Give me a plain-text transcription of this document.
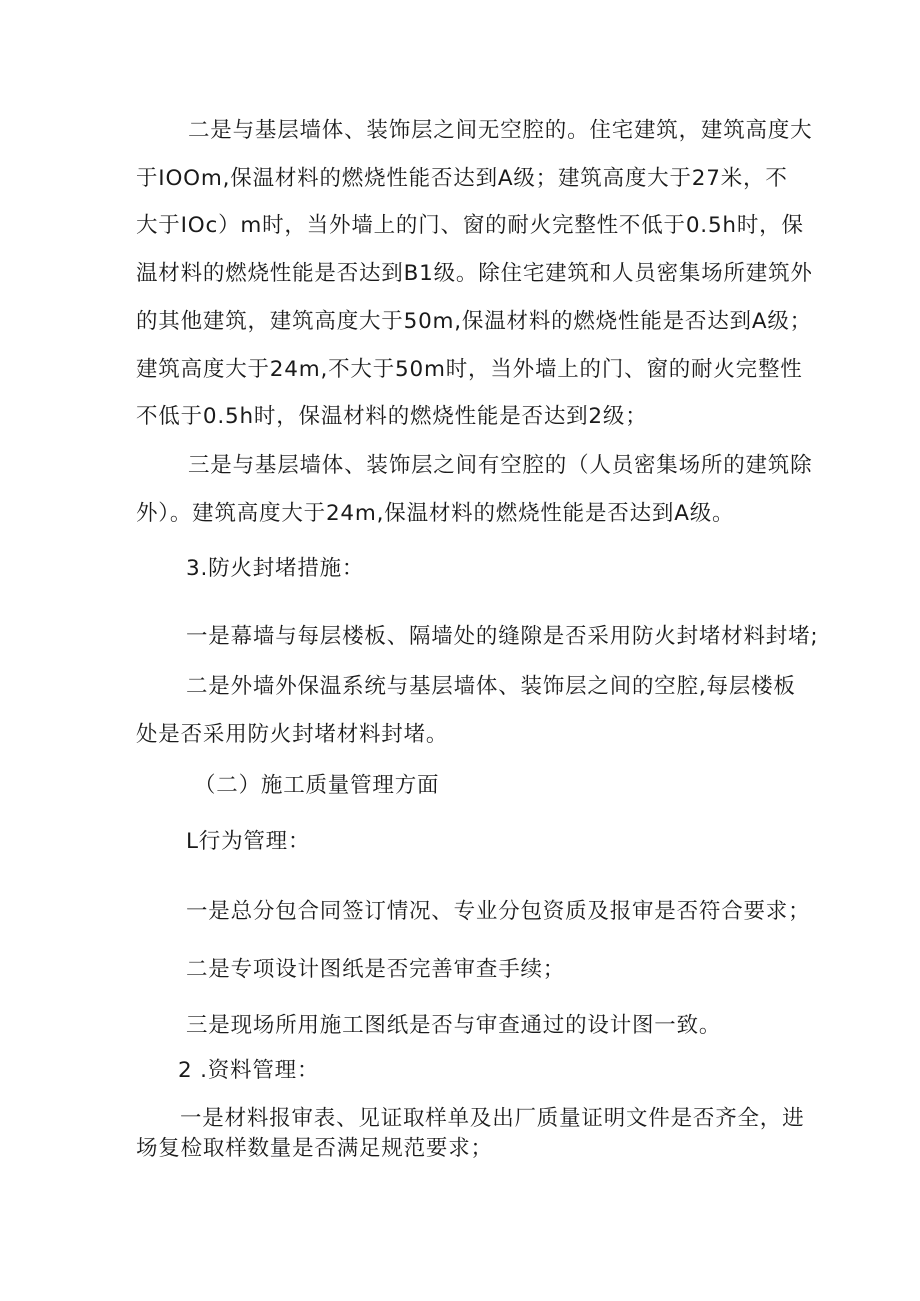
二是与基层墙体、装饰层之间无空腔的。住宅建筑，建筑高度大
于IOOm,保温材料的燃烧性能否达到A级；建筑高度大于27米，不
大于IOc）m时，当外墙上的门、窗的耐火完整性不低于0.5h时，保
温材料的燃烧性能是否达到B1级。除住宅建筑和人员密集场所建筑外
的其他建筑，建筑高度大于50m,保温材料的燃烧性能是否达到A级；
建筑高度大于24m,不大于50m时，当外墙上的门、窗的耐火完整性
不低于0.5h时，保温材料的燃烧性能是否达到2级；
三是与基层墙体、装饰层之间有空腔的（人员密集场所的建筑除
外）。建筑高度大于24m,保温材料的燃烧性能是否达到A级。
3.防火封堵措施：
一是幕墙与每层楼板、隔墙处的缝隙是否采用防火封堵材料封堵;
二是外墙外保温系统与基层墙体、装饰层之间的空腔,每层楼板
处是否采用防火封堵材料封堵。
（二）施工质量管理方面
L行为管理：
一是总分包合同签订情况、专业分包资质及报审是否符合要求；
二是专项设计图纸是否完善审查手续；
三是现场所用施工图纸是否与审查通过的设计图一致。
2 .资料管理：
一是材料报审表、见证取样单及出厂质量证明文件是否齐全，进
场复检取样数量是否满足规范要求；
